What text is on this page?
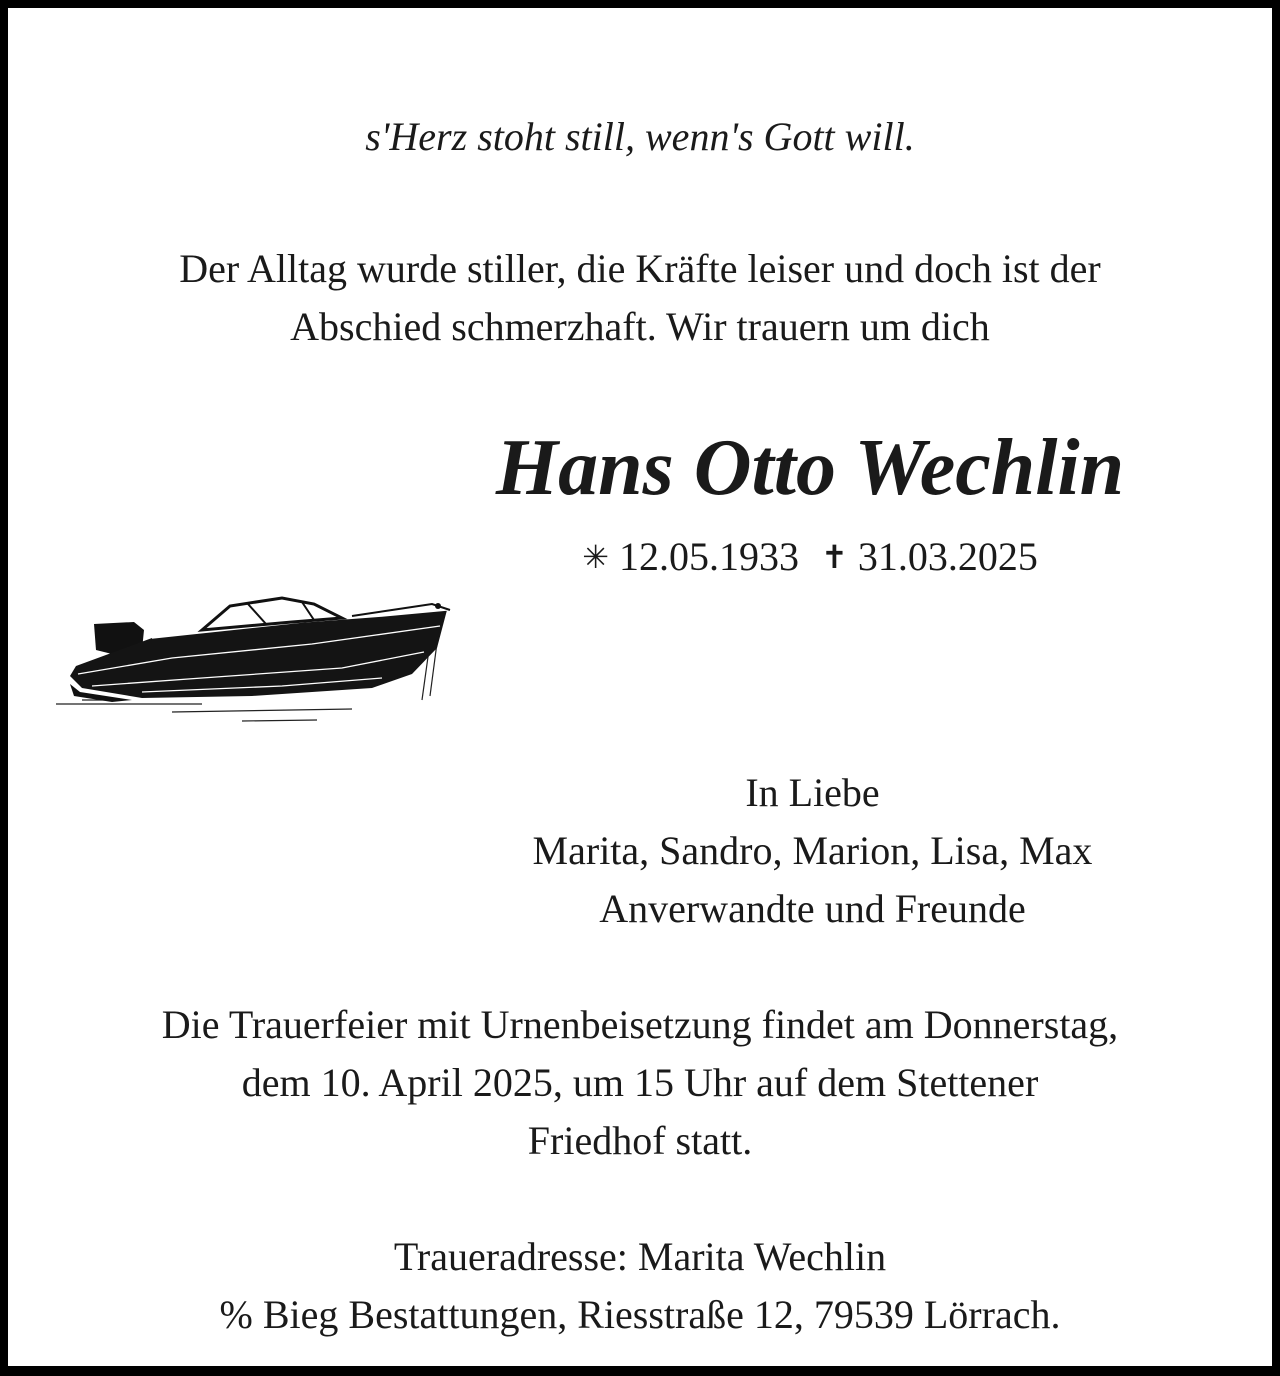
s'Herz stoht still, wenn's Gott will.
Der Alltag wurde stiller, die Kräfte leiser und doch ist der
Abschied schmerzhaft. Wir trauern um dich
Hans Otto Wechlin
✳ 12.05.1933 ✝ 31.03.2025
In Liebe
Marita, Sandro, Marion, Lisa, Max
Anverwandte und Freunde
Die Trauerfeier mit Urnenbeisetzung findet am Donnerstag,
dem 10. April 2025, um 15 Uhr auf dem Stettener
Friedhof statt.
Traueradresse: Marita Wechlin
% Bieg Bestattungen, Riesstraße 12, 79539 Lörrach.
